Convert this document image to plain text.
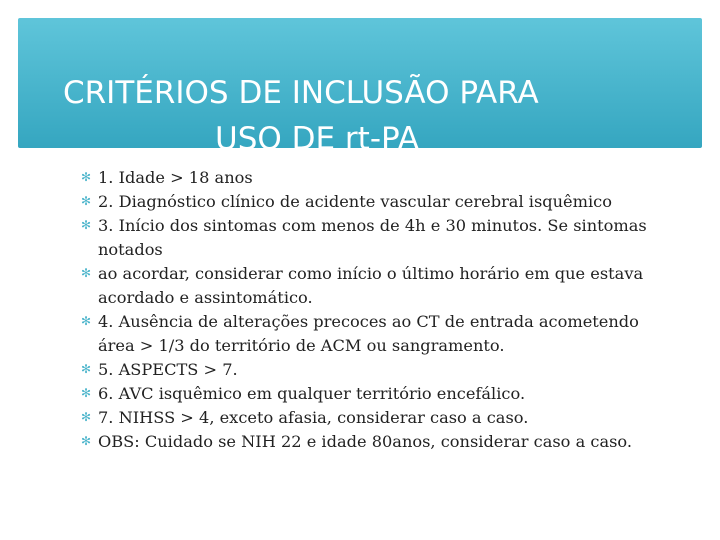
CRITÉRIOS DE INCLUSÃO PARA
USO DE rt-PA
✻ 1. Idade > 18 anos
✻ 2. Diagnóstico clínico de acidente vascular cerebral isquêmico
✻ 3. Início dos sintomas com menos de 4h e 30 minutos. Se sintomas notados
✻ ao acordar, considerar como início o último horário em que estava acordado e assintomático.
✻ 4. Ausência de alterações precoces ao CT de entrada acometendo área > 1/3 do território de ACM ou sangramento.
✻ 5. ASPECTS > 7.
✻ 6. AVC isquêmico em qualquer território encefálico.
✻ 7. NIHSS > 4, exceto afasia, considerar caso a caso.
✻ OBS: Cuidado se NIH 22 e idade 80anos, considerar caso a caso.
